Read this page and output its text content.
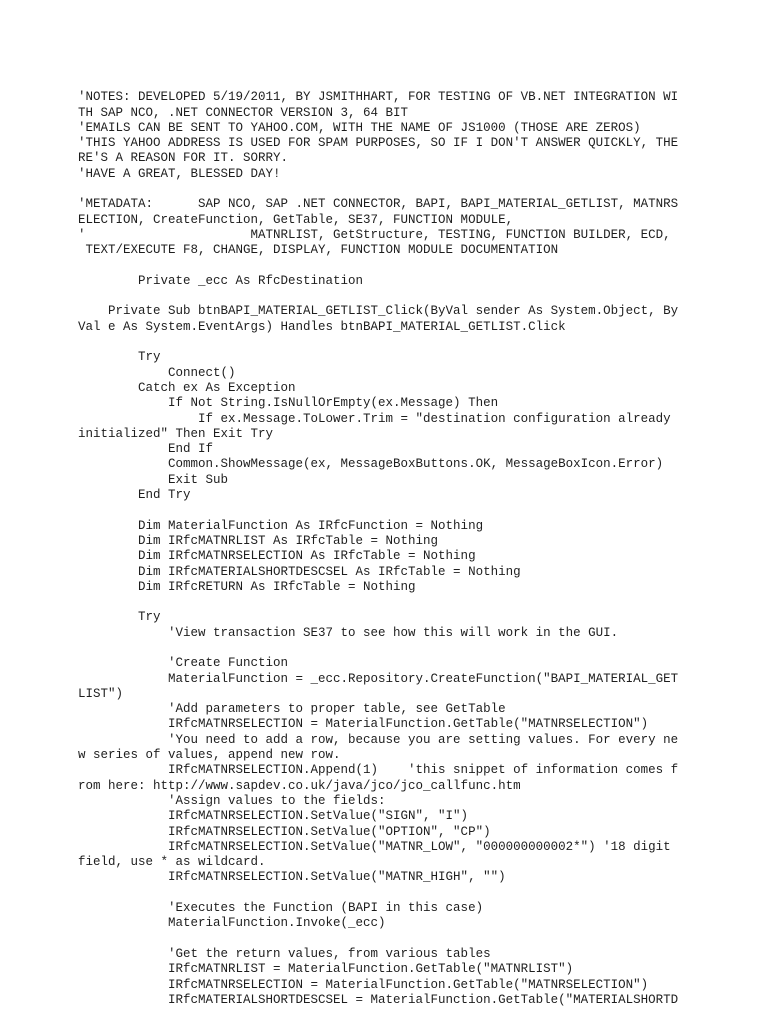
'NOTES: DEVELOPED 5/19/2011, BY JSMITHHART, FOR TESTING OF VB.NET INTEGRATION WI
TH SAP NCO, .NET CONNECTOR VERSION 3, 64 BIT
'EMAILS CAN BE SENT TO YAHOO.COM, WITH THE NAME OF JS1000 (THOSE ARE ZEROS)
'THIS YAHOO ADDRESS IS USED FOR SPAM PURPOSES, SO IF I DON'T ANSWER QUICKLY, THE
RE'S A REASON FOR IT. SORRY.
'HAVE A GREAT, BLESSED DAY!
'METADATA:      SAP NCO, SAP .NET CONNECTOR, BAPI, BAPI_MATERIAL_GETLIST, MATNRS
ELECTION, CreateFunction, GetTable, SE37, FUNCTION MODULE,
'                      MATNRLIST, GetStructure, TESTING, FUNCTION BUILDER, ECD,
TEXT/EXECUTE F8, CHANGE, DISPLAY, FUNCTION MODULE DOCUMENTATION
Private _ecc As RfcDestination
Private Sub btnBAPI_MATERIAL_GETLIST_Click(ByVal sender As System.Object, By
Val e As System.EventArgs) Handles btnBAPI_MATERIAL_GETLIST.Click
Try
Connect()
Catch ex As Exception
If Not String.IsNullOrEmpty(ex.Message) Then
If ex.Message.ToLower.Trim = "destination configuration already
initialized" Then Exit Try
End If
Common.ShowMessage(ex, MessageBoxButtons.OK, MessageBoxIcon.Error)
Exit Sub
End Try
Dim MaterialFunction As IRfcFunction = Nothing
Dim IRfcMATNRLIST As IRfcTable = Nothing
Dim IRfcMATNRSELECTION As IRfcTable = Nothing
Dim IRfcMATERIALSHORTDESCSEL As IRfcTable = Nothing
Dim IRfcRETURN As IRfcTable = Nothing
Try
'View transaction SE37 to see how this will work in the GUI.
'Create Function
MaterialFunction = _ecc.Repository.CreateFunction("BAPI_MATERIAL_GET
LIST")
'Add parameters to proper table, see GetTable
IRfcMATNRSELECTION = MaterialFunction.GetTable("MATNRSELECTION")
'You need to add a row, because you are setting values. For every ne
w series of values, append new row.
IRfcMATNRSELECTION.Append(1)    'this snippet of information comes f
rom here: http://www.sapdev.co.uk/java/jco/jco_callfunc.htm
'Assign values to the fields:
IRfcMATNRSELECTION.SetValue("SIGN", "I")
IRfcMATNRSELECTION.SetValue("OPTION", "CP")
IRfcMATNRSELECTION.SetValue("MATNR_LOW", "000000000002*") '18 digit
field, use * as wildcard.
IRfcMATNRSELECTION.SetValue("MATNR_HIGH", "")
'Executes the Function (BAPI in this case)
MaterialFunction.Invoke(_ecc)
'Get the return values, from various tables
IRfcMATNRLIST = MaterialFunction.GetTable("MATNRLIST")
IRfcMATNRSELECTION = MaterialFunction.GetTable("MATNRSELECTION")
IRfcMATERIALSHORTDESCSEL = MaterialFunction.GetTable("MATERIALSHORTD
